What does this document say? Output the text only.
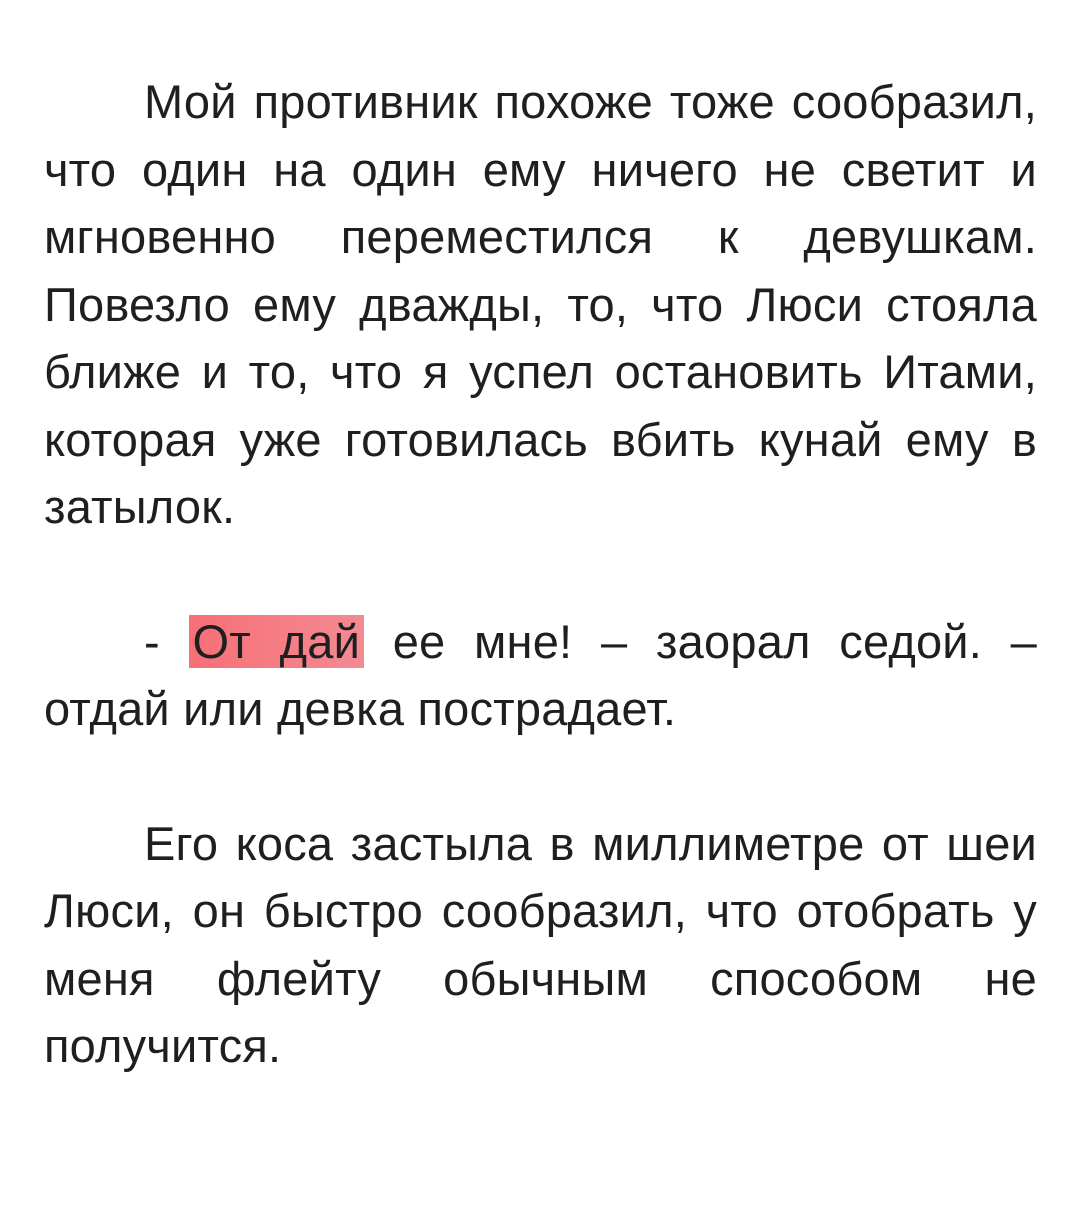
Мой противник похоже тоже сообразил, что один на один ему ничего не светит и мгновенно переместился к девушкам. Повезло ему дважды, то, что Люси стояла ближе и то, что я успел остановить Итами, которая уже готовилась вбить кунай ему в затылок.

- От дай ее мне! – заорал седой. – отдай или девка пострадает.

Его коса застыла в миллиметре от шеи Люси, он быстро сообразил, что отобрать у меня флейту обычным способом не получится.
